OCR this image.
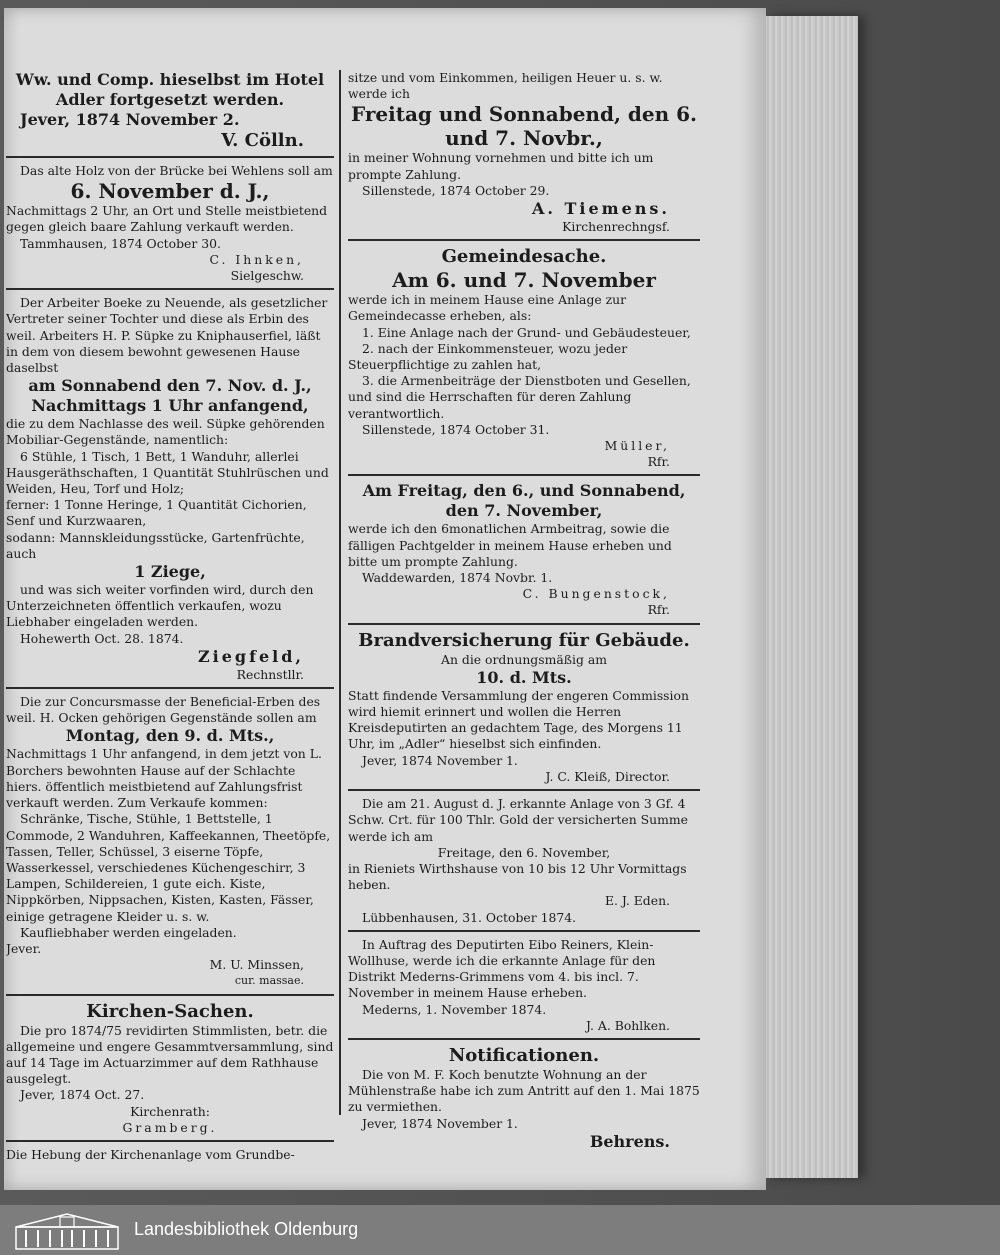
Ww. und Comp. hieselbst im Hotel

Adler fortgesetzt werden.

Jever, 1874 November 2.

V. Cölln.

Das alte Holz von der Brücke bei Wehlens soll am

6. November d. J.,

Nachmittags 2 Uhr, an Ort und Stelle meistbietend gegen gleich baare Zahlung verkauft werden.

Tammhausen, 1874 October 30.

C. Ihnken,

Sielgeschw.

Der Arbeiter Boeke zu Neuende, als gesetzlicher Vertreter seiner Tochter und diese als Erbin des weil. Arbeiters H. P. Süpke zu Kniphauserfiel, läßt in dem von diesem bewohnt gewesenen Hause daselbst

am Sonnabend den 7. Nov. d. J.,

Nachmittags 1 Uhr anfangend,

die zu dem Nachlasse des weil. Süpke gehörenden Mobiliar-Gegenstände, namentlich:

6 Stühle, 1 Tisch, 1 Bett, 1 Wanduhr, allerlei Hausgeräthschaften, 1 Quantität Stuhlrüschen und Weiden, Heu, Torf und Holz;

ferner: 1 Tonne Heringe, 1 Quantität Cichorien, Senf und Kurzwaaren,

sodann: Mannskleidungsstücke, Gartenfrüchte, auch

1 Ziege,

und was sich weiter vorfinden wird, durch den Unterzeichneten öffentlich verkaufen, wozu Liebhaber eingeladen werden.

Hohewerth Oct. 28. 1874.

Ziegfeld,

Rechnstllr.

Die zur Concursmasse der Beneficial-Erben des weil. H. Ocken gehörigen Gegenstände sollen am

Montag, den 9. d. Mts.,

Nachmittags 1 Uhr anfangend, in dem jetzt von L. Borchers bewohnten Hause auf der Schlachte hiers. öffentlich meistbietend auf Zahlungsfrist verkauft werden. Zum Verkaufe kommen:

Schränke, Tische, Stühle, 1 Bettstelle, 1 Commode, 2 Wanduhren, Kaffeekannen, Theetöpfe, Tassen, Teller, Schüssel, 3 eiserne Töpfe, Wasserkessel, verschiedenes Küchengeschirr, 3 Lampen, Schildereien, 1 gute eich. Kiste, Nippkörben, Nippsachen, Kisten, Kasten, Fässer, einige getragene Kleider u. s. w.

Kaufliebhaber werden eingeladen.

Jever.

M. U. Minssen,

cur. massae.

Kirchen-Sachen.

Die pro 1874/75 revidirten Stimmlisten, betr. die allgemeine und engere Gesammtversammlung, sind auf 14 Tage im Actuarzimmer auf dem Rathhause ausgelegt.

Jever, 1874 Oct. 27.

Kirchenrath:

Gramberg.

Die Hebung der Kirchenanlage vom Grundbe-

sitze und vom Einkommen, heiligen Heuer u. s. w.

werde ich

Freitag und Sonnabend, den 6.

und 7. Novbr.,

in meiner Wohnung vornehmen und bitte ich um prompte Zahlung.

Sillenstede, 1874 October 29.

A. Tiemens.

Kirchenrechngsf.

Gemeindesache.

Am 6. und 7. November

werde ich in meinem Hause eine Anlage zur Gemeindecasse erheben, als:

1. Eine Anlage nach der Grund- und Gebäudesteuer,

2. nach der Einkommensteuer, wozu jeder Steuerpflichtige zu zahlen hat,

3. die Armenbeiträge der Dienstboten und Gesellen, und sind die Herrschaften für deren Zahlung verantwortlich.

Sillenstede, 1874 October 31.

Müller,

Rfr.

Am Freitag, den 6., und Sonnabend,

den 7. November,

werde ich den 6monatlichen Armbeitrag, sowie die fälligen Pachtgelder in meinem Hause erheben und bitte um prompte Zahlung.

Waddewarden, 1874 Novbr. 1.

C. Bungenstock,

Rfr.

Brandversicherung für Gebäude.

An die ordnungsmäßig am

10. d. Mts.

Statt findende Versammlung der engeren Commission wird hiemit erinnert und wollen die Herren Kreisdeputirten an gedachtem Tage, des Morgens 11 Uhr, im „Adler“ hieselbst sich einfinden.

Jever, 1874 November 1.

J. C. Kleiß, Director.

Die am 21. August d. J. erkannte Anlage von 3 Gf. 4 Schw. Crt. für 100 Thlr. Gold der versicherten Summe werde ich am

Freitage, den 6. November,

in Rieniets Wirthshause von 10 bis 12 Uhr Vormittags heben.

E. J. Eden.

Lübbenhausen, 31. October 1874.

In Auftrag des Deputirten Eibo Reiners, Klein-Wollhuse, werde ich die erkannte Anlage für den Distrikt Mederns-Grimmens vom 4. bis incl. 7. November in meinem Hause erheben.

Mederns, 1. November 1874.

J. A. Bohlken.

Notificationen.

Die von M. F. Koch benutzte Wohnung an der Mühlenstraße habe ich zum Antritt auf den 1. Mai 1875 zu vermiethen.

Jever, 1874 November 1.

Behrens.

Landesbibliothek Oldenburg
